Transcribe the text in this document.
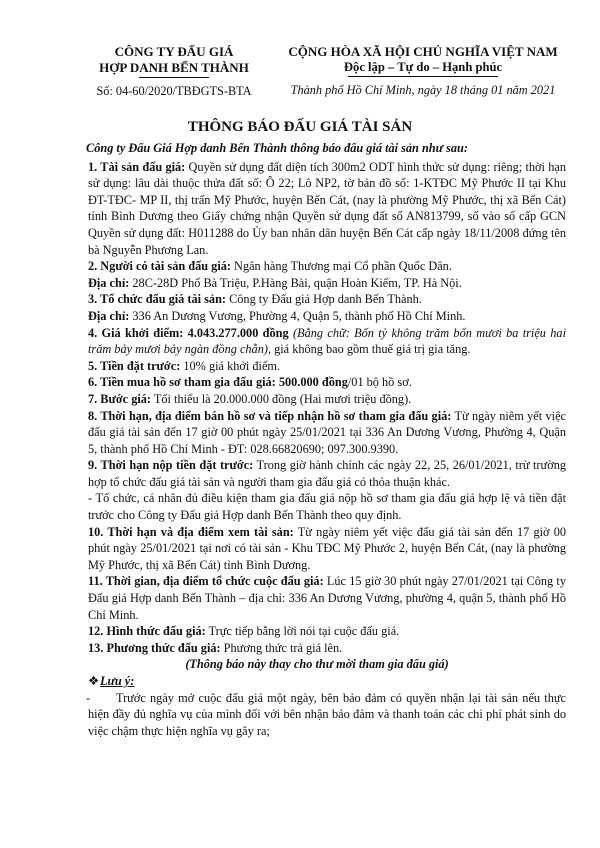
CÔNG TY ĐẤU GIÁ
HỢP DANH BẾN THÀNH
Số: 04-60/2020/TBĐGTS-BTA
CỘNG HÒA XÃ HỘI CHỦ NGHĨA VIỆT NAM
Độc lập – Tự do – Hạnh phúc
Thành phố Hồ Chí Minh, ngày 18 tháng 01 năm 2021
THÔNG BÁO ĐẤU GIÁ TÀI SẢN
Công ty Đấu Giá Hợp danh Bến Thành thông báo đấu giá tài sản như sau:

1. Tài sản đấu giá: Quyền sử dụng đất diện tích 300m2 ODT hình thức sử dụng: riêng; thời hạn sử dụng: lâu dài thuộc thửa đất số: Ô 22; Lô NP2, tờ bản đồ số: 1-KTĐC Mỹ Phước II tại Khu ĐT-TĐC- MP II, thị trấn Mỹ Phước, huyện Bến Cát, (nay là phường Mỹ Phước, thị xã Bến Cát) tỉnh Bình Dương theo Giấy chứng nhận Quyền sử dụng đất số AN813799, số vào sổ cấp GCN Quyền sử dụng đất: H011288 do Ủy ban nhân dân huyện Bến Cát cấp ngày 18/11/2008 đứng tên bà Nguyễn Phương Lan.

2. Người có tài sản đấu giá: Ngân hàng Thương mại Cổ phần Quốc Dân.

Địa chỉ: 28C-28D Phố Bà Triệu, P.Hàng Bài, quận Hoàn Kiếm, TP. Hà Nội.

3. Tổ chức đấu giá tài sản: Công ty Đấu giá Hợp danh Bến Thành.

Địa chỉ: 336 An Dương Vương, Phường 4, Quận 5, thành phố Hồ Chí Minh.

4. Giá khởi điểm: 4.043.277.000 đồng (Bằng chữ: Bốn tỷ không trăm bốn mươi ba triệu hai trăm bảy mươi bảy ngàn đồng chẵn), giá không bao gồm thuế giá trị gia tăng.

5. Tiền đặt trước: 10% giá khởi điểm.

6. Tiền mua hồ sơ tham gia đấu giá: 500.000 đồng/01 bộ hồ sơ.

7. Bước giá: Tối thiểu là 20.000.000 đồng (Hai mươi triệu đồng).

8. Thời hạn, địa điểm bán hồ sơ và tiếp nhận hồ sơ tham gia đấu giá: Từ ngày niêm yết việc đấu giá tài sản đến 17 giờ 00 phút ngày 25/01/2021 tại 336 An Dương Vương, Phường 4, Quận 5, thành phố Hồ Chí Minh - ĐT: 028.66820690; 097.300.9390.

9. Thời hạn nộp tiền đặt trước: Trong giờ hành chính các ngày 22, 25, 26/01/2021, trừ trường hợp tổ chức đấu giá tài sản và người tham gia đấu giá có thỏa thuận khác.

- Tổ chức, cá nhân đủ điều kiện tham gia đấu giá nộp hồ sơ tham gia đấu giá hợp lệ và tiền đặt trước cho Công ty Đấu giá Hợp danh Bến Thành theo quy định.

10. Thời hạn và địa điểm xem tài sản: Từ ngày niêm yết việc đấu giá tài sản đến 17 giờ 00 phút ngày 25/01/2021 tại nơi có tài sản - Khu TĐC Mỹ Phước 2, huyện Bến Cát, (nay là phường Mỹ Phước, thị xã Bến Cát) tỉnh Bình Dương.

11. Thời gian, địa điểm tổ chức cuộc đấu giá: Lúc 15 giờ 30 phút ngày 27/01/2021 tại Công ty Đấu giá Hợp danh Bến Thành – địa chỉ: 336 An Dương Vương, phường 4, quận 5, thành phố Hồ Chí Minh.

12. Hình thức đấu giá: Trực tiếp bằng lời nói tại cuộc đấu giá.

13. Phương thức đấu giá: Phương thức trả giá lên.

(Thông báo này thay cho thư mời tham gia đấu giá)
❖Lưu ý:
-	Trước ngày mở cuộc đấu giá một ngày, bên bảo đảm có quyền nhận lại tài sản nếu thực hiện đầy đủ nghĩa vụ của mình đối với bên nhận bảo đảm và thanh toán các chi phí phát sinh do việc chậm thực hiện nghĩa vụ gây ra;
